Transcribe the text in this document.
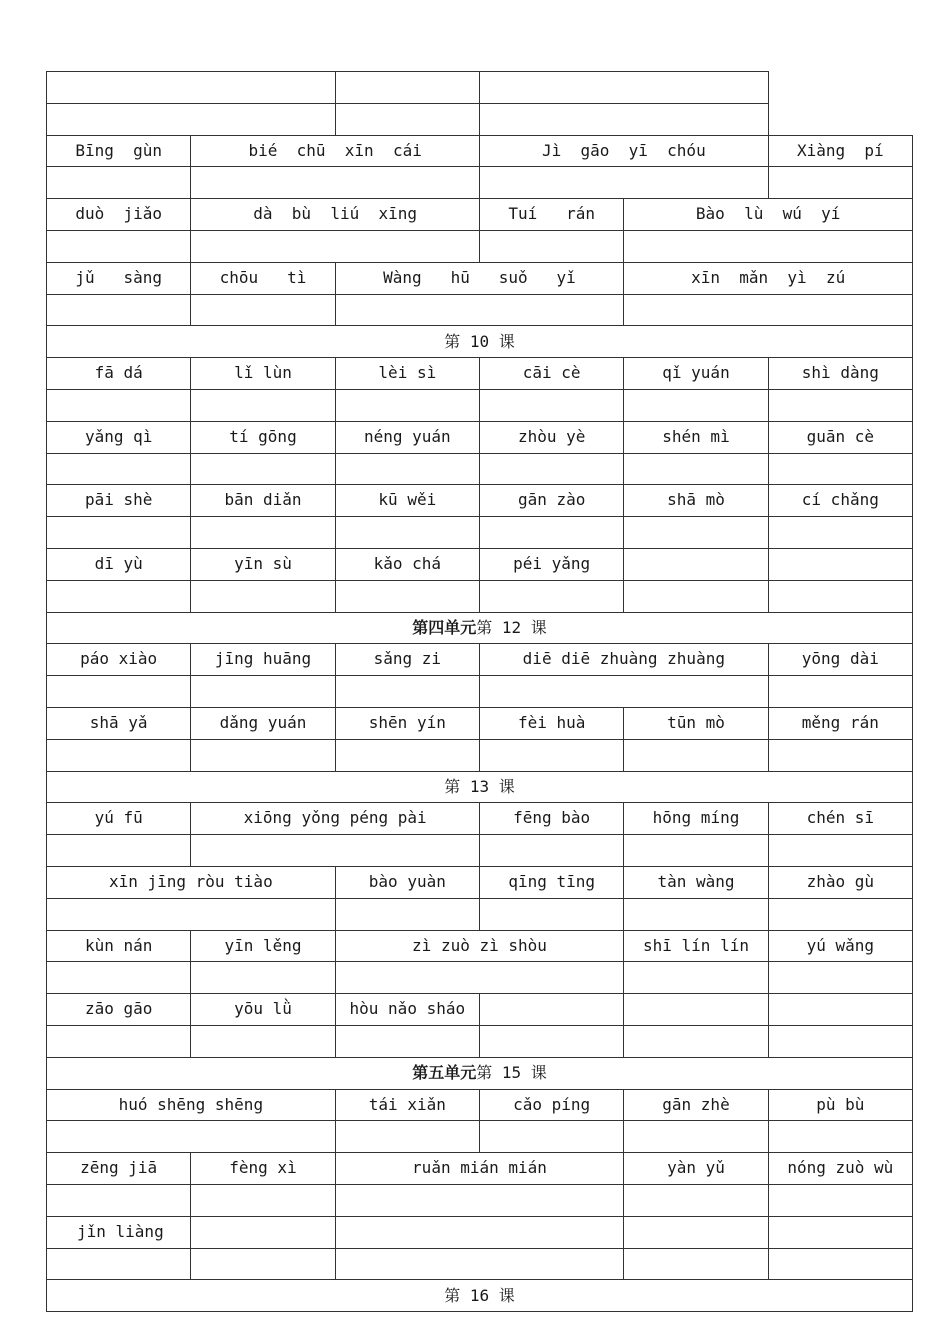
Bīng  gùn	bié  chū  xīn  cái	Jì  gāo  yī  chóu	Xiàng  pí
duò  jiǎo	dà  bù  liú  xīng	Tuí   rán	Bào  lù  wú  yí
jǔ   sàng	chōu   tì	Wàng   hū   suǒ   yǐ	xīn  mǎn  yì  zú
第 10 课
fā dá	lǐ lùn	lèi sì	cāi cè	qǐ yuán	shì dàng
yǎng qì	tí gōng	néng yuán	zhòu yè	shén mì	guān cè
pāi shè	bān diǎn	kū wěi	gān zào	shā mò	cí chǎng
dī yù	yīn sù	kǎo chá	péi yǎng
第四单元 第 12 课
páo xiào	jīng huāng	sǎng zi	diē diē zhuàng zhuàng	yōng dài
shā yǎ	dǎng yuán	shēn yín	fèi huà	tūn mò	měng rán
第 13 课
yú fū	xiōng yǒng péng pài	fēng bào	hōng míng	chén sī
xīn jīng ròu tiào	bào yuàn	qīng tīng	tàn wàng	zhào gù
kùn nán	yīn lěng	zì zuò zì shòu	shī lín lín	yú wǎng
zāo gāo	yōu lǜ	hòu nǎo sháo
第五单元 第 15 课
huó shēng shēng	tái xiǎn	cǎo píng	gān zhè	pù bù
zēng jiā	fèng xì	ruǎn mián mián	yàn yǔ	nóng zuò wù
jǐn liàng
第 16 课
